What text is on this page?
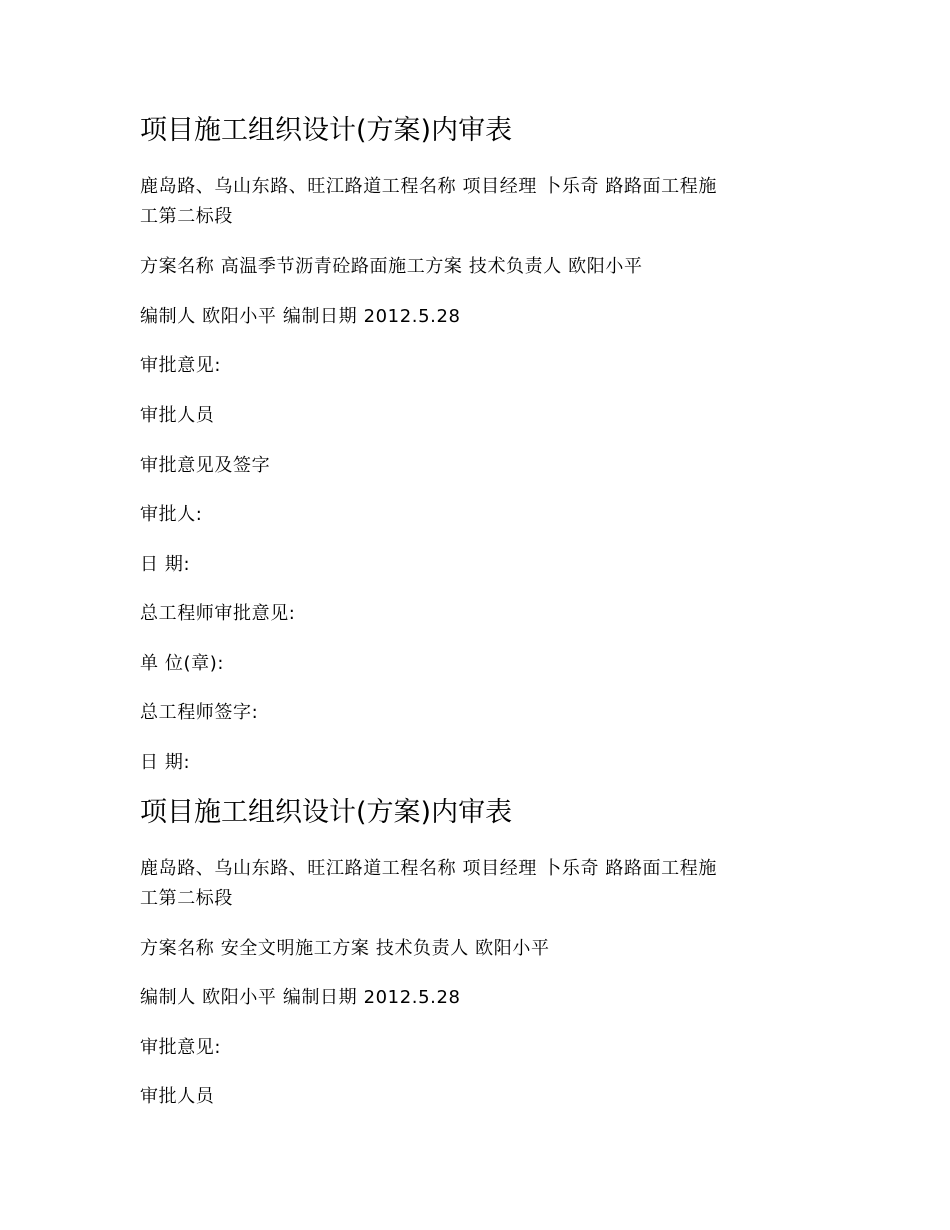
项目施工组织设计(方案)内审表

鹿岛路、乌山东路、旺江路道工程名称 项目经理 卜乐奇 路路面工程施

工第二标段

方案名称 高温季节沥青砼路面施工方案 技术负责人 欧阳小平

编制人 欧阳小平 编制日期 2012.5.28

审批意见:

审批人员

审批意见及签字

审批人:

日 期:

总工程师审批意见:

单 位(章):

总工程师签字:

日 期:

项目施工组织设计(方案)内审表

鹿岛路、乌山东路、旺江路道工程名称 项目经理 卜乐奇 路路面工程施

工第二标段

方案名称 安全文明施工方案 技术负责人 欧阳小平

编制人 欧阳小平 编制日期 2012.5.28

审批意见:

审批人员
